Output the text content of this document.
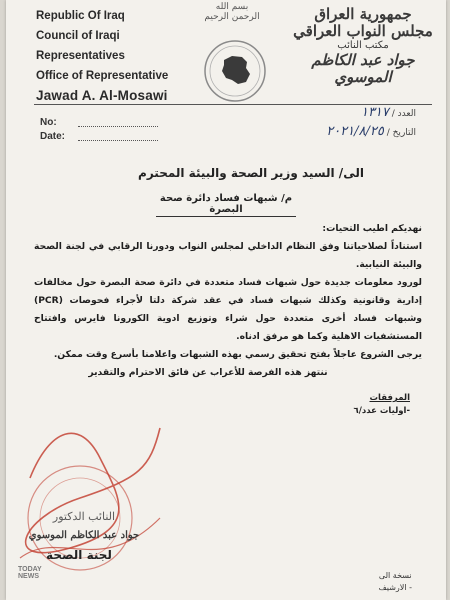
Republic Of Iraq
Council of Iraqi Representatives
Office of Representative
Jawad A. Al-Mosawi
بسم الله الرحمن الرحيم	جمهورية العراق
مجلس النواب العراقي
مكتب النائب
جواد عبد الكاظم الموسوي
No:
Date:
العدد / ١٣١٧
التاريخ / ٢٠٢١/٨/٢٥
الى/ السيد وزير الصحة والبيئة المحترم
م/ شبهات فساد دائرة صحة البصرة

نهديكم اطيب التحيات:

استناداً لصلاحياتنا وفق النظام الداخلي لمجلس النواب ودورنا الرقابي في لجنة الصحة والبيئة النيابية.

لورود معلومات جديدة حول شبهات فساد متعددة في دائرة صحة البصرة حول مخالفات إدارية وقانونية وكذلك شبهات فساد في عقد شركة دلتا لأجراء فحوصات (PCR) وشبهات فساد أخرى متعددة حول شراء وتوزيع ادوية الكورونا فايرس وافتتاح المستشفيات الاهلية وكما هو مرفق ادناه.

يرجى الشروع عاجلاً بفتح تحقيق رسمي بهذه الشبهات واعلامنا بأسرع وقت ممكن.

ننتهز هذه الفرصة للأعراب عن فائق الاحترام والتقدير

المرفقات
-اوليات عدد/٦
النائب الدكتور
جواد عبد الكاظم الموسوي
لجنة الصحة
نسخة الى
- الارشيف
TODAY NEWS
